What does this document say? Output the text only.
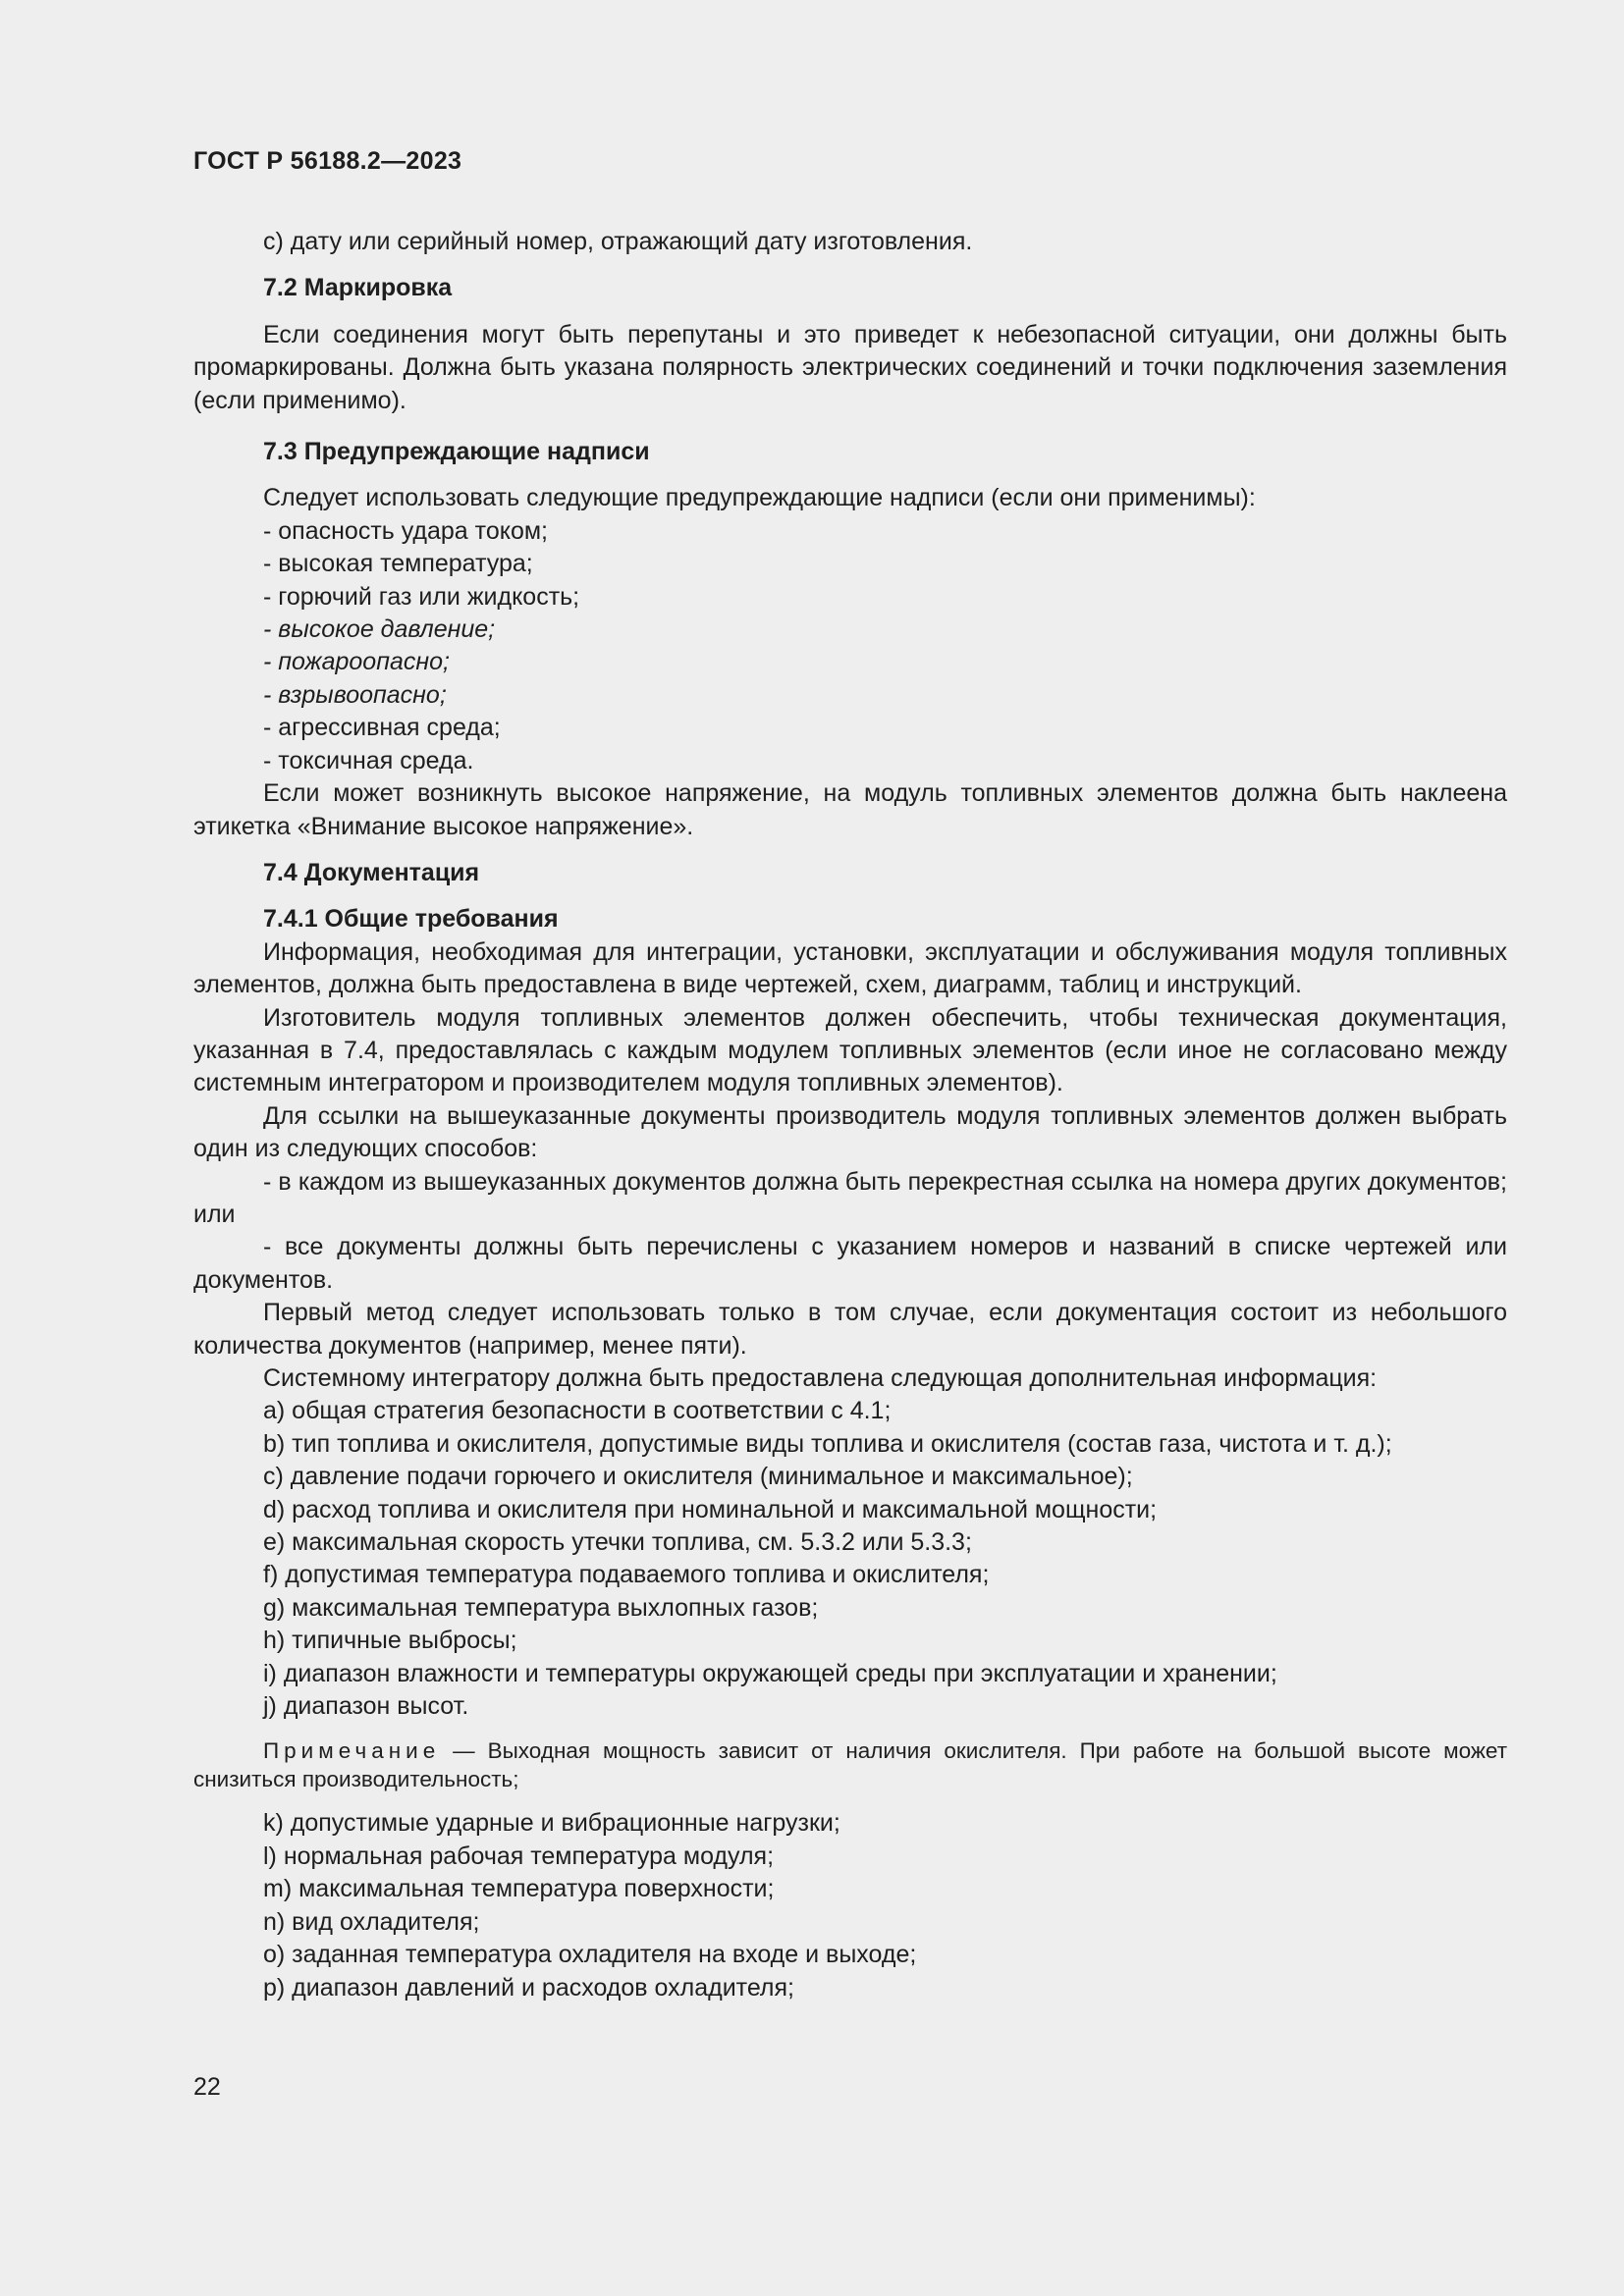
ГОСТ Р 56188.2—2023

c) дату или серийный номер, отражающий дату изготовления.

7.2 Маркировка

Если соединения могут быть перепутаны и это приведет к небезопасной ситуации, они должны быть промаркированы. Должна быть указана полярность электрических соединений и точки подключения заземления (если применимо).

7.3 Предупреждающие надписи

Следует использовать следующие предупреждающие надписи (если они применимы):

- опасность удара током;

- высокая температура;

- горючий газ или жидкость;

- высокое давление;

- пожароопасно;

- взрывоопасно;

- агрессивная среда;

- токсичная среда.

Если может возникнуть высокое напряжение, на модуль топливных элементов должна быть наклеена этикетка «Внимание высокое напряжение».

7.4 Документация

7.4.1 Общие требования

Информация, необходимая для интеграции, установки, эксплуатации и обслуживания модуля топливных элементов, должна быть предоставлена в виде чертежей, схем, диаграмм, таблиц и инструкций.

Изготовитель модуля топливных элементов должен обеспечить, чтобы техническая документация, указанная в 7.4, предоставлялась с каждым модулем топливных элементов (если иное не согласовано между системным интегратором и производителем модуля топливных элементов).

Для ссылки на вышеуказанные документы производитель модуля топливных элементов должен выбрать один из следующих способов:

- в каждом из вышеуказанных документов должна быть перекрестная ссылка на номера других документов; или

- все документы должны быть перечислены с указанием номеров и названий в списке чертежей или документов.

Первый метод следует использовать только в том случае, если документация состоит из небольшого количества документов (например, менее пяти).

Системному интегратору должна быть предоставлена следующая дополнительная информация:

a) общая стратегия безопасности в соответствии с 4.1;

b) тип топлива и окислителя, допустимые виды топлива и окислителя (состав газа, чистота и т. д.);

c) давление подачи горючего и окислителя (минимальное и максимальное);

d) расход топлива и окислителя при номинальной и максимальной мощности;

e) максимальная скорость утечки топлива, см. 5.3.2 или 5.3.3;

f) допустимая температура подаваемого топлива и окислителя;

g) максимальная температура выхлопных газов;

h) типичные выбросы;

i) диапазон влажности и температуры окружающей среды при эксплуатации и хранении;

j) диапазон высот.

Примечание — Выходная мощность зависит от наличия окислителя. При работе на большой высоте может снизиться производительность;

k) допустимые ударные и вибрационные нагрузки;

l) нормальная рабочая температура модуля;

m) максимальная температура поверхности;

n) вид охладителя;

o) заданная температура охладителя на входе и выходе;

p) диапазон давлений и расходов охладителя;

22
